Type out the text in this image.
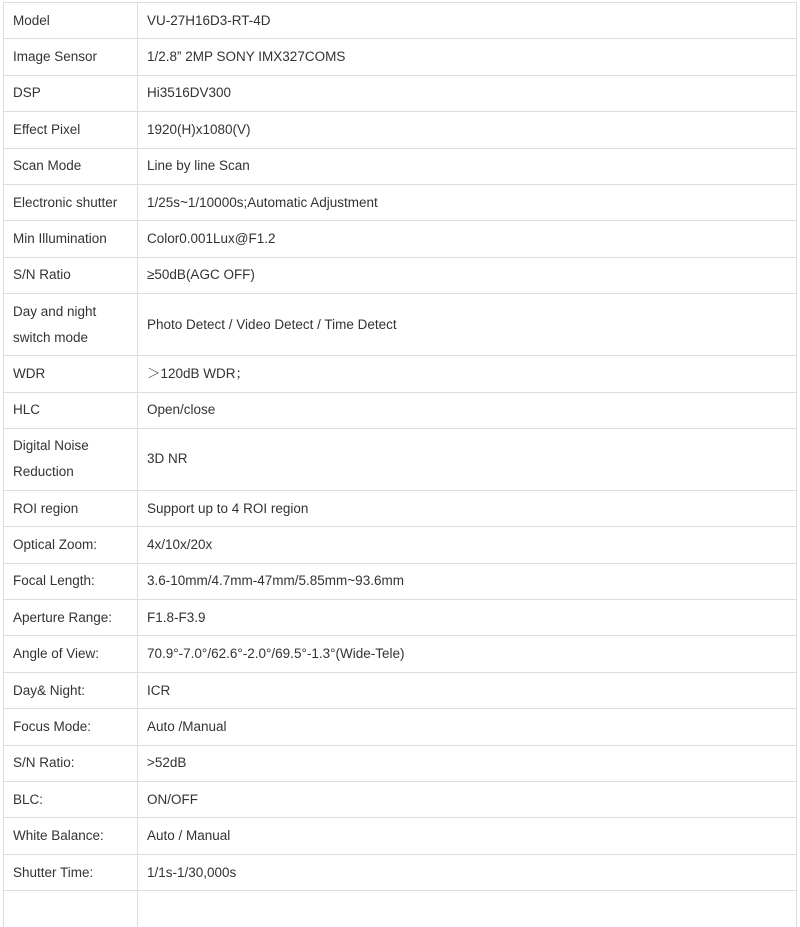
Model	VU-27H16D3-RT-4D
Image Sensor	1/2.8” 2MP SONY IMX327COMS
DSP	Hi3516DV300
Effect Pixel	1920(H)x1080(V)
Scan Mode	Line by line Scan
Electronic shutter	1/25s~1/10000s;Automatic Adjustment
Min Illumination	Color0.001Lux@F1.2
S/N Ratio	≥50dB(AGC OFF)
Day and night switch mode	Photo Detect / Video Detect / Time Detect
WDR	＞120dB WDR；
HLC	Open/close
Digital Noise Reduction	3D NR
ROI region	Support up to 4 ROI region
Optical Zoom:	4x/10x/20x
Focal Length:	3.6-10mm/4.7mm-47mm/5.85mm~93.6mm
Aperture Range:	F1.8-F3.9
Angle of View:	70.9°-7.0°/62.6°-2.0°/69.5°-1.3°(Wide-Tele)
Day& Night:	ICR
Focus Mode:	Auto /Manual
S/N Ratio:	>52dB
BLC:	ON/OFF
White Balance:	Auto / Manual
Shutter Time:	1/1s-1/30,000s
